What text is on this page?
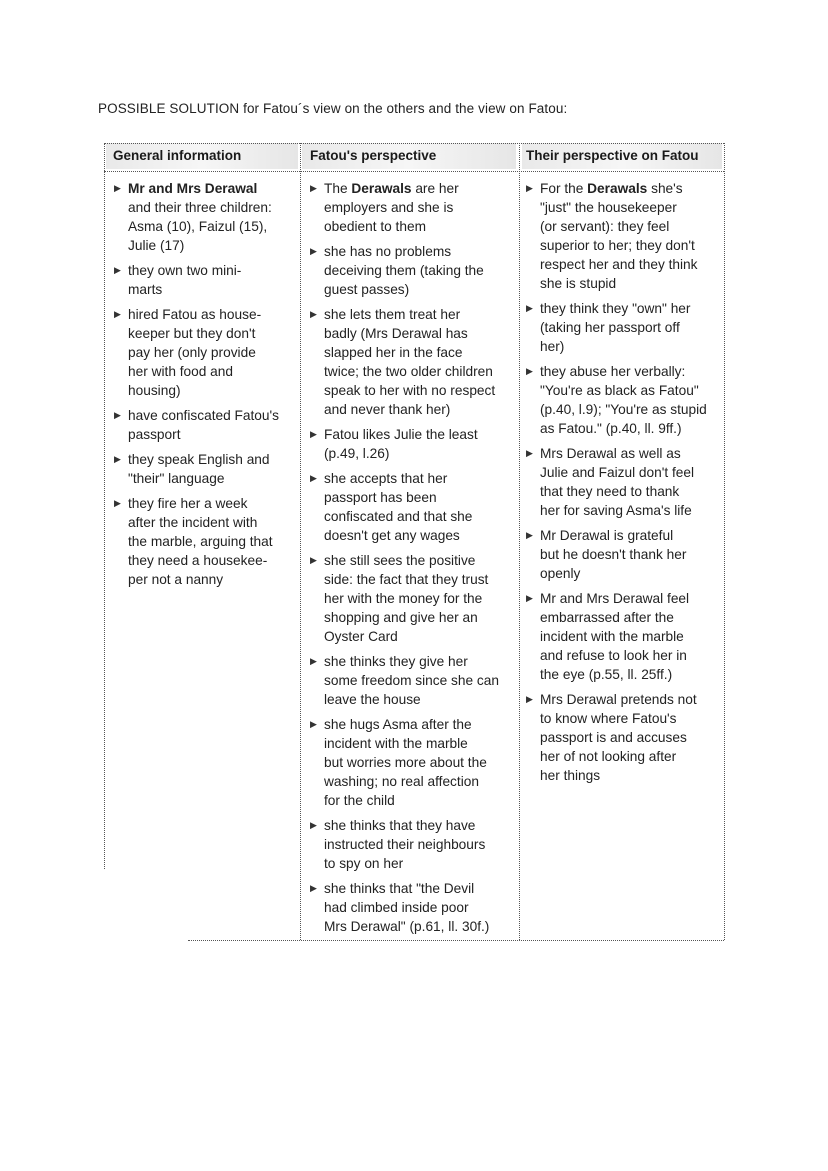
POSSIBLE SOLUTION for Fatou´s view on the others and the view on Fatou:
General information	Fatou's perspective	Their perspective on Fatou
▶ Mr and Mrs Derawal
and their three children:
Asma (10), Faizul (15),
Julie (17)
▶ they own two mini-
marts
▶ hired Fatou as house-
keeper but they don't
pay her (only provide
her with food and
housing)
▶ have confiscated Fatou's
passport
▶ they speak English and
"their" language
▶ they fire her a week
after the incident with
the marble, arguing that
they need a housekee-
per not a nanny
▶ The Derawals are her
employers and she is
obedient to them
▶ she has no problems
deceiving them (taking the
guest passes)
▶ she lets them treat her
badly (Mrs Derawal has
slapped her in the face
twice; the two older children
speak to her with no respect
and never thank her)
▶ Fatou likes Julie the least
(p.49, l.26)
▶ she accepts that her
passport has been
confiscated and that she
doesn't get any wages
▶ she still sees the positive
side: the fact that they trust
her with the money for the
shopping and give her an
Oyster Card
▶ she thinks they give her
some freedom since she can
leave the house
▶ she hugs Asma after the
incident with the marble
but worries more about the
washing; no real affection
for the child
▶ she thinks that they have
instructed their neighbours
to spy on her
▶ she thinks that "the Devil
had climbed inside poor
Mrs Derawal" (p.61, ll. 30f.)
▶ For the Derawals she's
"just" the housekeeper
(or servant): they feel
superior to her; they don't
respect her and they think
she is stupid
▶ they think they "own" her
(taking her passport off
her)
▶ they abuse her verbally:
"You're as black as Fatou"
(p.40, l.9); "You're as stupid
as Fatou." (p.40, ll. 9ff.)
▶ Mrs Derawal as well as
Julie and Faizul don't feel
that they need to thank
her for saving Asma's life
▶ Mr Derawal is grateful
but he doesn't thank her
openly
▶ Mr and Mrs Derawal feel
embarrassed after the
incident with the marble
and refuse to look her in
the eye (p.55, ll. 25ff.)
▶ Mrs Derawal pretends not
to know where Fatou's
passport is and accuses
her of not looking after
her things
